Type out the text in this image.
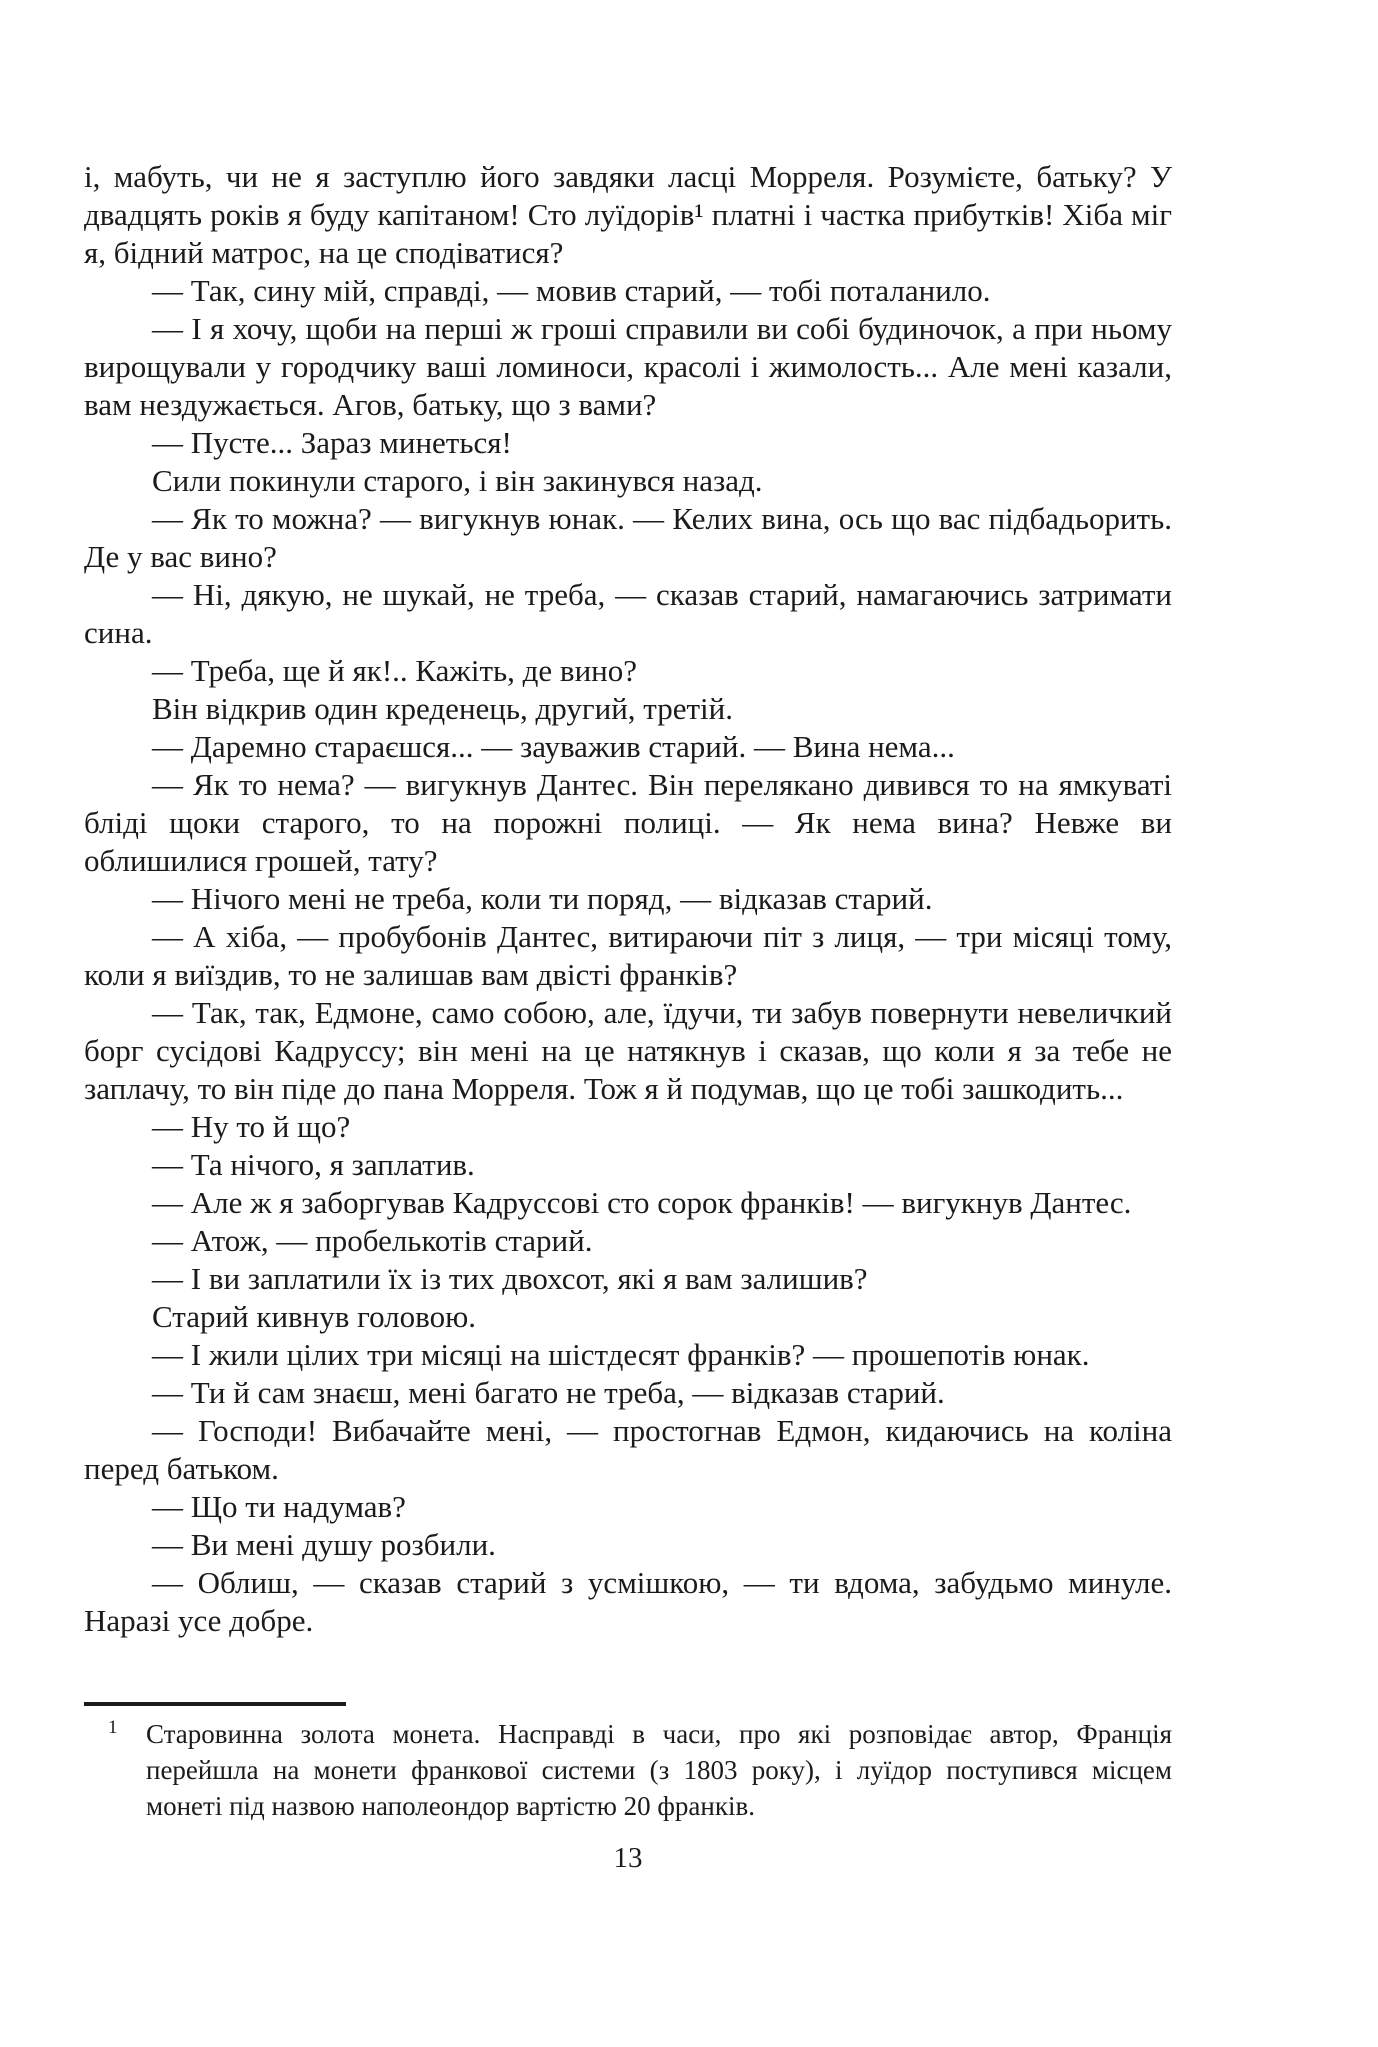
і, мабуть, чи не я заступлю його завдяки ласці Морреля. Розумієте, батьку? У двадцять років я буду капітаном! Сто луїдорів¹ платні і частка прибутків! Хіба міг я, бідний матрос, на це сподіватися?

— Так, сину мій, справді, — мовив старий, — тобі поталанило.

— І я хочу, щоби на перші ж гроші справили ви собі будиночок, а при ньому вирощували у городчику ваші ломиноси, красолі і жимолость... Але мені казали, вам нездужається. Агов, батьку, що з вами?

— Пусте... Зараз минеться!

Сили покинули старого, і він закинувся назад.

— Як то можна? — вигукнув юнак. — Келих вина, ось що вас підбадьорить. Де у вас вино?

— Ні, дякую, не шукай, не треба, — сказав старий, намагаючись затримати сина.

— Треба, ще й як!.. Кажіть, де вино?

Він відкрив один креденець, другий, третій.

— Даремно стараєшся... — зауважив старий. — Вина нема...

— Як то нема? — вигукнув Дантес. Він перелякано дивився то на ямкуваті бліді щоки старого, то на порожні полиці. — Як нема вина? Невже ви облишилися грошей, тату?

— Нічого мені не треба, коли ти поряд, — відказав старий.

— А хіба, — пробубонів Дантес, витираючи піт з лиця, — три місяці тому, коли я виїздив, то не залишав вам двісті франків?

— Так, так, Едмоне, само собою, але, їдучи, ти забув повернути невеличкий борг сусідові Кадруссу; він мені на це натякнув і сказав, що коли я за тебе не заплачу, то він піде до пана Морреля. Тож я й подумав, що це тобі зашкодить...

— Ну то й що?

— Та нічого, я заплатив.

— Але ж я заборгував Кадруссові сто сорок франків! — вигукнув Дантес.

— Атож, — пробелькотів старий.

— І ви заплатили їх із тих двохсот, які я вам залишив?

Старий кивнув головою.

— І жили цілих три місяці на шістдесят франків? — прошепотів юнак.

— Ти й сам знаєш, мені багато не треба, — відказав старий.

— Господи! Вибачайте мені, — простогнав Едмон, кидаючись на коліна перед батьком.

— Що ти надумав?

— Ви мені душу розбили.

— Облиш, — сказав старий з усмішкою, — ти вдома, забудьмо минуле. Наразі усе добре.

1 Старовинна золота монета. Насправді в часи, про які розповідає автор, Франція перейшла на монети франкової системи (з 1803 року), і луїдор поступився місцем монеті під назвою наполеондор вартістю 20 франків.
13
